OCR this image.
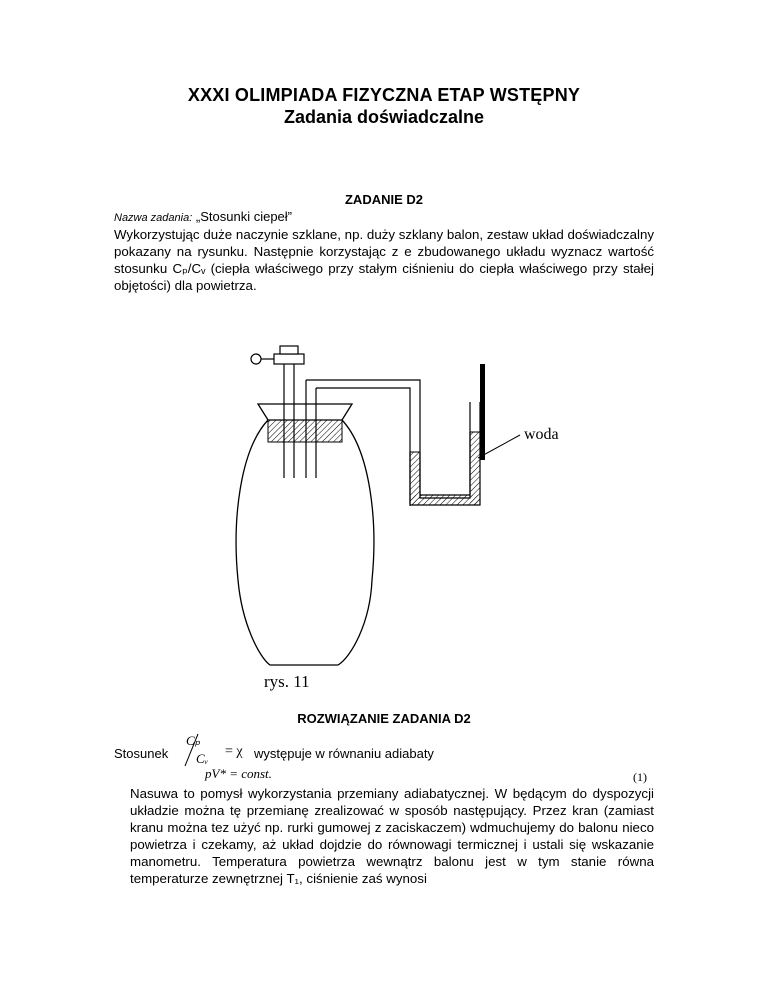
XXXI OLIMPIADA FIZYCZNA ETAP WSTĘPNY
Zadania doświadczalne
ZADANIE D2
Nazwa zadania: „Stosunki ciepeł”
Wykorzystując duże naczynie szklane, np. duży szklany balon, zestaw układ doświadczalny pokazany na rysunku. Następnie korzystając z e zbudowanego układu wyznacz wartość stosunku Cₚ/Cᵥ (ciepła właściwego przy stałym ciśnieniu do ciepła właściwego przy stałej objętości) dla powietrza.
woda
rys. 11
ROZWIĄZANIE ZADANIA D2
Stosunek
Cₚ
Cᵥ = χ występuje w równaniu adiabaty
pV* = const.	(1)
Nasuwa to pomysł wykorzystania przemiany adiabatycznej. W będącym do dyspozycji układzie można tę przemianę zrealizować w sposób następujący. Przez kran (zamiast kranu można tez użyć np. rurki gumowej z zaciskaczem) wdmuchujemy do balonu nieco powietrza i czekamy, aż układ dojdzie do równowagi termicznej i ustali się wskazanie manometru. Temperatura powietrza wewnątrz balonu jest w tym stanie równa temperaturze zewnętrznej T₁, ciśnienie zaś wynosi
